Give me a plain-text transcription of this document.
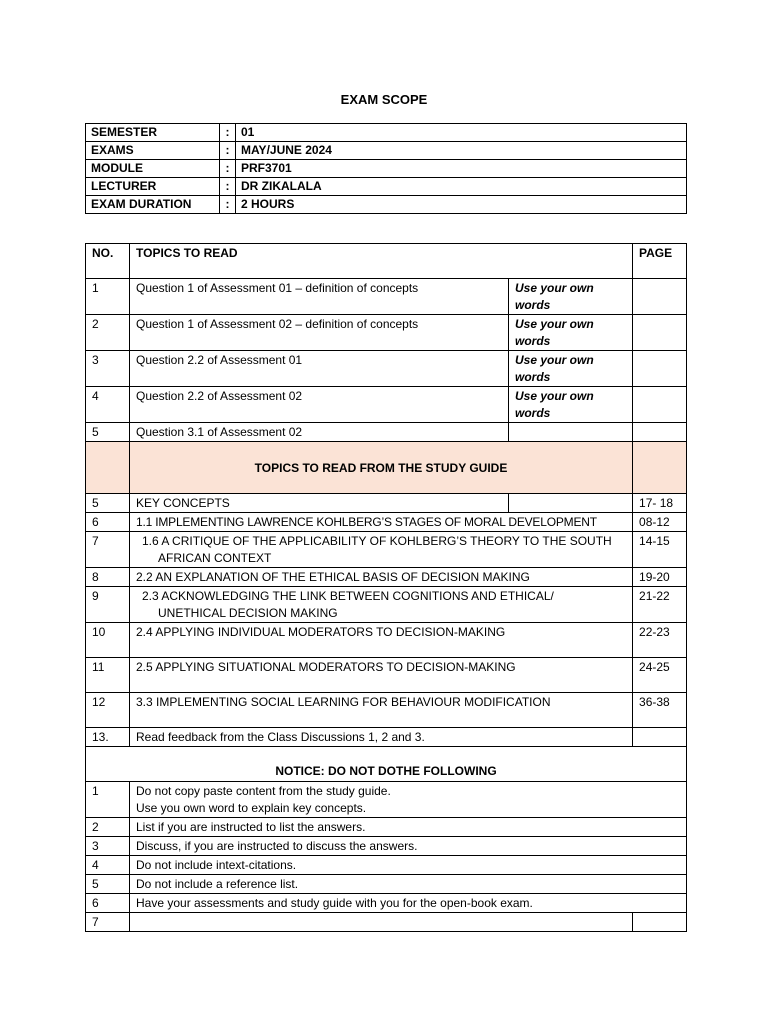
EXAM SCOPE
SEMESTER	:	01
EXAMS	:	MAY/JUNE 2024
MODULE	:	PRF3701
LECTURER	:	DR ZIKALALA
EXAM DURATION	:	2 HOURS
NO.	TOPICS TO READ		PAGE
1	Question 1 of Assessment 01 – definition of concepts	Use your own words	
2	Question 1 of Assessment 02 – definition of concepts	Use your own words	
3	Question 2.2 of Assessment 01	Use your own words	
4	Question 2.2 of Assessment 02	Use your own words	
5	Question 3.1 of Assessment 02		
	TOPICS TO READ FROM THE STUDY GUIDE		
5	KEY CONCEPTS		17- 18
6	1.1 IMPLEMENTING LAWRENCE KOHLBERG’S STAGES OF MORAL DEVELOPMENT		08-12
7	1.6 A CRITIQUE OF THE APPLICABILITY OF KOHLBERG’S THEORY TO THE SOUTH AFRICAN CONTEXT		14-15
8	2.2 AN EXPLANATION OF THE ETHICAL BASIS OF DECISION MAKING		19-20
9	2.3 ACKNOWLEDGING THE LINK BETWEEN COGNITIONS AND ETHICAL/ UNETHICAL DECISION MAKING		21-22
10	2.4 APPLYING INDIVIDUAL MODERATORS TO DECISION-MAKING		22-23
11	2.5 APPLYING SITUATIONAL MODERATORS TO DECISION-MAKING		24-25
12	3.3 IMPLEMENTING SOCIAL LEARNING FOR BEHAVIOUR MODIFICATION		36-38
13.	Read feedback from the Class Discussions 1, 2 and 3.		
NOTICE: DO NOT DOTHE FOLLOWING			
1	Do not copy paste content from the study guide.
Use you own word to explain key concepts.		

2	List if you are instructed to list the answers.		
3	Discuss, if you are instructed to discuss the answers.		
4	Do not include intext-citations.		
5	Do not include a reference list.		
6	Have your assessments and study guide with you for the open-book exam.		
7			
